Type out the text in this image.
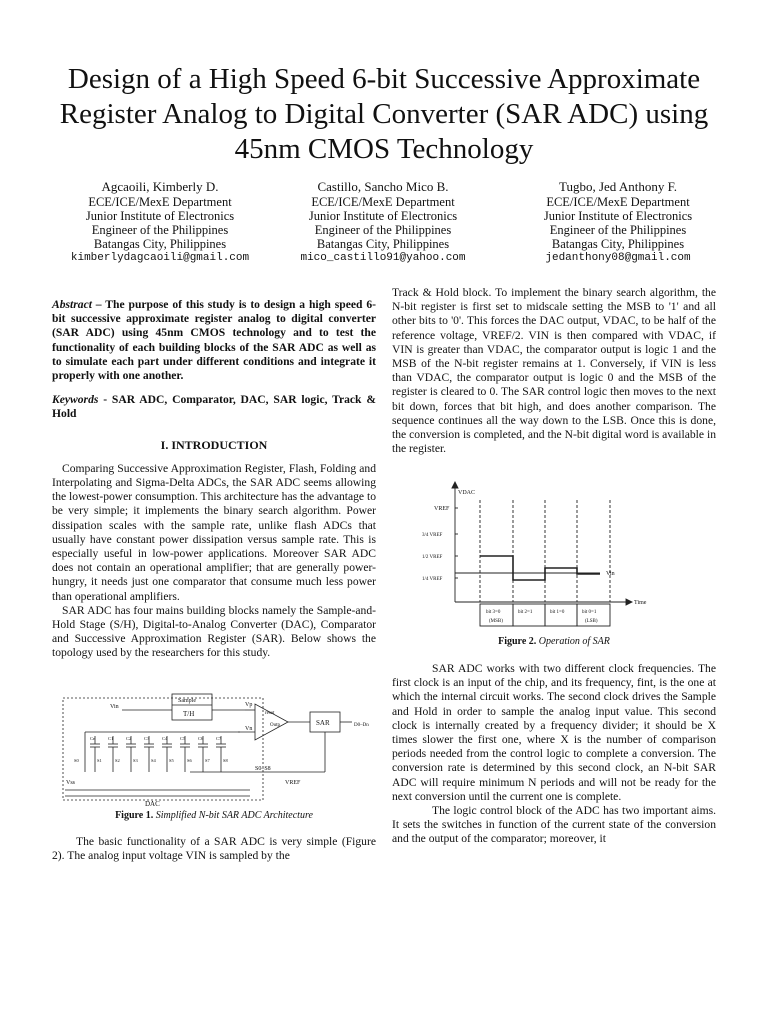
Design of a High Speed 6-bit Successive Approximate Register Analog to Digital Converter (SAR ADC) using 45nm CMOS Technology
Agcaoili, Kimberly D.
ECE/ICE/MexE Department
Junior Institute of Electronics
Engineer of the Philippines
Batangas City, Philippines
kimberlydagcaoili@gmail.com
Castillo, Sancho Mico B.
ECE/ICE/MexE Department
Junior Institute of Electronics
Engineer of the Philippines
Batangas City, Philippines
mico_castillo91@yahoo.com
Tugbo, Jed Anthony F.
ECE/ICE/MexE Department
Junior Institute of Electronics
Engineer of the Philippines
Batangas City, Philippines
jedanthony08@gmail.com

Abstract – The purpose of this study is to design a high speed 6-bit successive approximate register analog to digital converter (SAR ADC) using 45nm CMOS technology and to test the functionality of each building blocks of the SAR ADC as well as to simulate each part under different conditions and integrate it properly with one another.

Keywords - SAR ADC, Comparator, DAC, SAR logic, Track & Hold

I. INTRODUCTION

Comparing Successive Approximation Register, Flash, Folding and Interpolating and Sigma-Delta ADCs, the SAR ADC seems allowing the lowest-power consumption. This architecture has the advantage to be very simple; it implements the binary search algorithm. Power dissipation scales with the sample rate, unlike flash ADCs that usually have constant power dissipation versus sample rate. This is especially useful in low-power applications. Moreover SAR ADC does not contain an operational amplifier; that are generally power-hungry, it needs just one comparator that consume much less power than operational amplifiers.

SAR ADC has four mains building blocks namely the Sample-and-Hold Stage (S/H), Digital-to-Analog Converter (DAC), Comparator and Successive Approximation Register (SAR). Below shows the topology used by the researchers for this study.

Sample
T/H
Vin	Vp
Vn
reset
Outp	SAR	D0–Dn
Vss	VREF
S0–S8
DAC
Cn	C1	C2	C3	C4	C5	C6	C7
S0	S1	S2	S3	S4	S5	S6	S7	S8
Figure 1. Simplified N-bit SAR ADC Architecture

The basic functionality of a SAR ADC is very simple (Figure 2). The analog input voltage VIN is sampled by the

Track & Hold block. To implement the binary search algorithm, the N-bit register is first set to midscale setting the MSB to '1' and all other bits to '0'. This forces the DAC output, VDAC, to be half of the reference voltage, VREF/2. VIN is then compared with VDAC, if VIN is greater than VDAC, the comparator output is logic 1 and the MSB of the N-bit register remains at 1. Conversely, if VIN is less than VDAC, the comparator output is logic 0 and the MSB of the register is cleared to 0. The SAR control logic then moves to the next bit down, forces that bit high, and does another comparison. The sequence continues all the way down to the LSB. Once this is done, the conversion is completed, and the N-bit digital word is available in the register.

VDAC
VREF
3/4 VREF
1/2 VREF
1/4 VREF
Vin
Time
bit 3=0
(MSB)
bit 2=1	bit 1=0	bit 0=1
(LSB)
Figure 2. Operation of SAR

SAR ADC works with two different clock frequencies. The first clock is an input of the chip, and its frequency, fint, is the one at which the internal circuit works. The second clock drives the Sample and Hold in order to sample the analog input value. This second clock is internally created by a frequency divider; it should be X times slower the first one, where X is the number of comparison periods needed from the control logic to complete a conversion. The conversion rate is determined by this second clock, an N-bit SAR ADC will require minimum N periods and will not be ready for the next conversion until the current one is complete.

The logic control block of the ADC has two important aims. It sets the switches in function of the current state of the conversion and the output of the comparator; moreover, it
